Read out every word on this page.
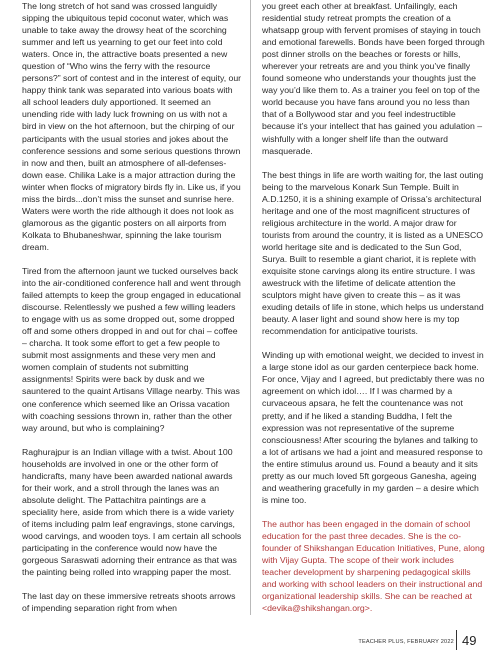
The long stretch of hot sand was crossed languidly sipping the ubiquitous tepid coconut water, which was unable to take away the drowsy heat of the scorching summer and left us yearning to get our feet into cold waters. Once in, the attractive boats presented a new question of “Who wins the ferry with the resource persons?” sort of contest and in the interest of equity, our happy think tank was separated into various boats with all school leaders duly apportioned. It seemed an unending ride with lady luck frowning on us with not a bird in view on the hot afternoon, but the chirping of our participants with the usual stories and jokes about the conference sessions and some serious questions thrown in now and then, built an atmosphere of all-defenses-down ease. Chilika Lake is a major attraction during the winter when flocks of migratory birds fly in. Like us, if you miss the birds...don’t miss the sunset and sunrise here. Waters were worth the ride although it does not look as glamorous as the gigantic posters on all airports from Kolkata to Bhubaneshwar, spinning the lake tourism dream.

Tired from the afternoon jaunt we tucked ourselves back into the air-conditioned conference hall and went through failed attempts to keep the group engaged in educational discourse. Relentlessly we pushed a few willing leaders to engage with us as some dropped out, some dropped off and some others dropped in and out for chai – coffee – charcha. It took some effort to get a few people to submit most assignments and these very men and women complain of students not submitting assignments! Spirits were back by dusk and we sauntered to the quaint Artisans Village nearby. This was one conference which seemed like an Orissa vacation with coaching sessions thrown in, rather than the other way around, but who is complaining?

Raghurajpur is an Indian village with a twist. About 100 households are involved in one or the other form of handicrafts, many have been awarded national awards for their work, and a stroll through the lanes was an absolute delight. The Pattachitra paintings are a speciality here, aside from which there is a wide variety of items including palm leaf engravings, stone carvings, wood carvings, and wooden toys. I am certain all schools participating in the conference would now have the gorgeous Saraswati adorning their entrance as that was the painting being rolled into wrapping paper the most.

The last day on these immersive retreats shoots arrows of impending separation right from when

you greet each other at breakfast. Unfailingly, each residential study retreat prompts the creation of a whatsapp group with fervent promises of staying in touch and emotional farewells. Bonds have been forged through post dinner strolls on the beaches or forests or hills, wherever your retreats are and you think you’ve finally found someone who understands your thoughts just the way you’d like them to. As a trainer you feel on top of the world because you have fans around you no less than that of a Bollywood star and you feel indestructible because it’s your intellect that has gained you adulation – wishfully with a longer shelf life than the outward masquerade.

The best things in life are worth waiting for, the last outing being to the marvelous Konark Sun Temple. Built in A.D.1250, it is a shining example of Orissa’s architectural heritage and one of the most magnificent structures of religious architecture in the world. A major draw for tourists from around the country, it is listed as a UNESCO world heritage site and is dedicated to the Sun God, Surya. Built to resemble a giant chariot, it is replete with exquisite stone carvings along its entire structure. I was awestruck with the lifetime of delicate attention the sculptors might have given to create this – as it was exuding details of life in stone, which helps us understand beauty. A laser light and sound show here is my top recommendation for anticipative tourists.

Winding up with emotional weight, we decided to invest in a large stone idol as our garden centerpiece back home. For once, Vijay and I agreed, but predictably there was no agreement on which idol…. If I was charmed by a curvaceous apsara, he felt the countenance was not pretty, and if he liked a standing Buddha, I felt the expression was not representative of the supreme consciousness! After scouring the bylanes and talking to a lot of artisans we had a joint and measured response to the entire stimulus around us. Found a beauty and it sits pretty as our much loved 5ft gorgeous Ganesha, ageing and weathering gracefully in my garden – a desire which is mine too.

The author has been engaged in the domain of school education for the past three decades. She is the co-founder of Shikshangan Education Initiatives, Pune, along with Vijay Gupta. The scope of their work includes teacher development by sharpening pedagogical skills and working with school leaders on their instructional and organizational leadership skills. She can be reached at <devika@shikshangan.org>.

TEACHER PLUS, FEBRUARY 2022 49
